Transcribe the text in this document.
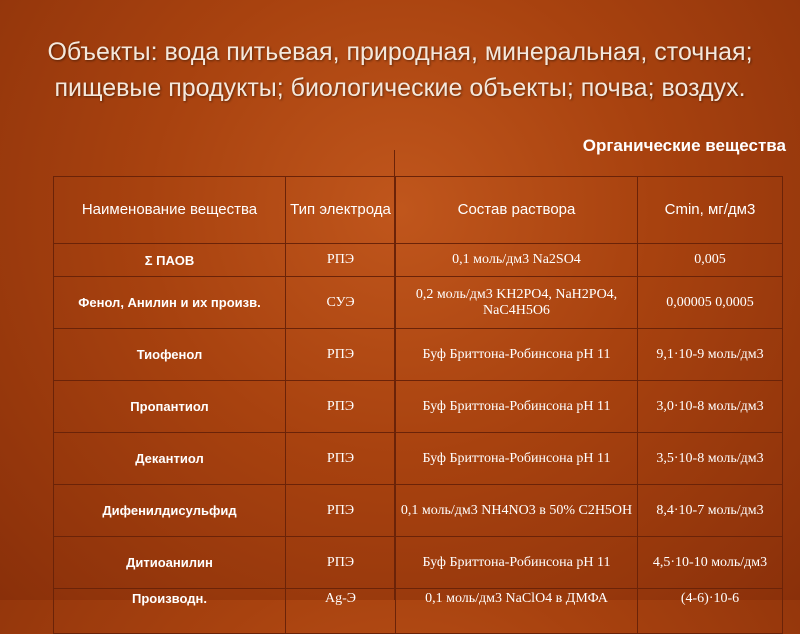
Объекты: вода питьевая, природная, минеральная, сточная; пищевые продукты; биологические объекты; почва; воздух.
Органические вещества
Наименование вещества	Тип электрода	Состав раствора	Cmin, мг/дм3
Σ ПАОВ	РПЭ	0,1 моль/дм3 Na2SO4	0,005
Фенол, Анилин и их произв.	СУЭ	0,2 моль/дм3 KH2PO4, NaH2PO4, NaC4H5O6	0,00005 0,0005
Тиофенол	РПЭ	Буф Бриттона-Робинсона рН 11	9,1·10-9 моль/дм3
Пропантиол	РПЭ	Буф Бриттона-Робинсона рН 11	3,0·10-8 моль/дм3
Декантиол	РПЭ	Буф Бриттона-Робинсона рН 11	3,5·10-8 моль/дм3
Дифенилдисульфид	РПЭ	0,1 моль/дм3 NH4NO3 в 50% C2H5OH	8,4·10-7 моль/дм3
Дитиоанилин	РПЭ	Буф Бриттона-Робинсона рН 11	4,5·10-10 моль/дм3
Производн.	Ag-Э	0,1 моль/дм3 NaClO4 в ДМФА	(4-6)·10-6
